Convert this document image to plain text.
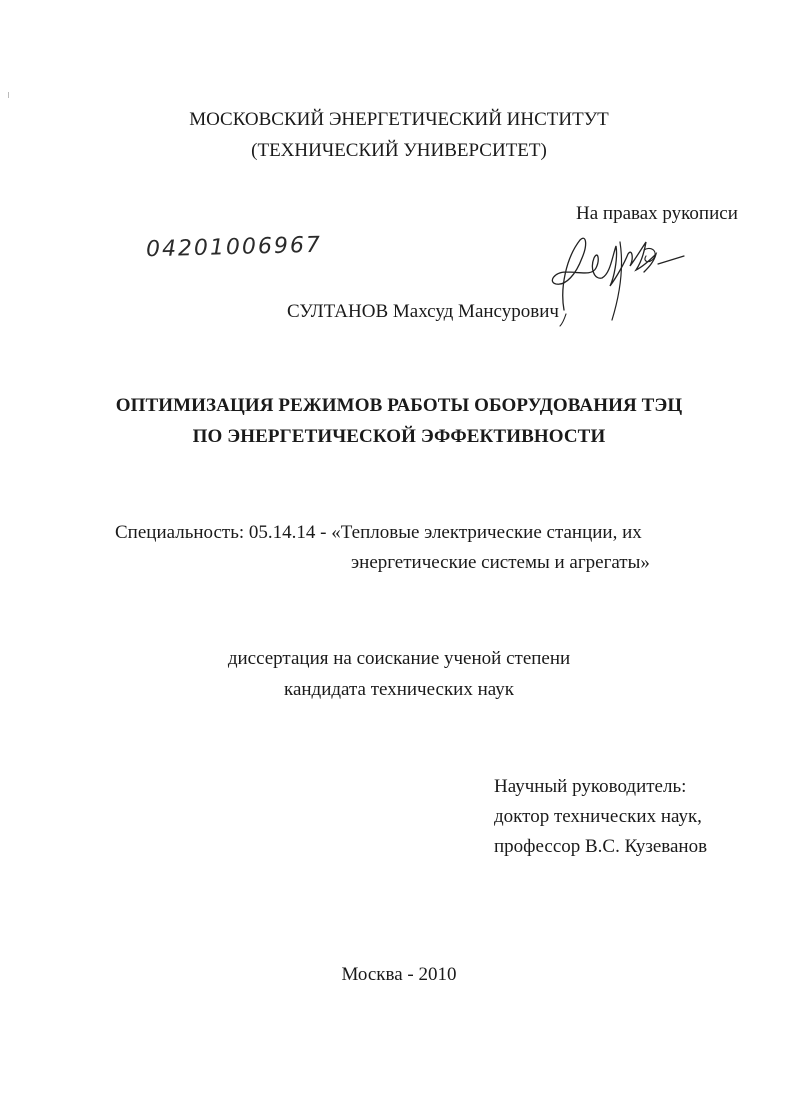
МОСКОВСКИЙ ЭНЕРГЕТИЧЕСКИЙ ИНСТИТУТ
(ТЕХНИЧЕСКИЙ УНИВЕРСИТЕТ)
На правах рукописи
04201006967
СУЛТАНОВ Махсуд Мансурович
ОПТИМИЗАЦИЯ РЕЖИМОВ РАБОТЫ ОБОРУДОВАНИЯ ТЭЦ
ПО ЭНЕРГЕТИЧЕСКОЙ ЭФФЕКТИВНОСТИ
Специальность: 05.14.14 - «Тепловые электрические станции, их
энергетические системы и агрегаты»
диссертация на соискание ученой степени
кандидата технических наук
Научный руководитель:
доктор технических наук,
профессор В.С. Кузеванов
Москва - 2010
